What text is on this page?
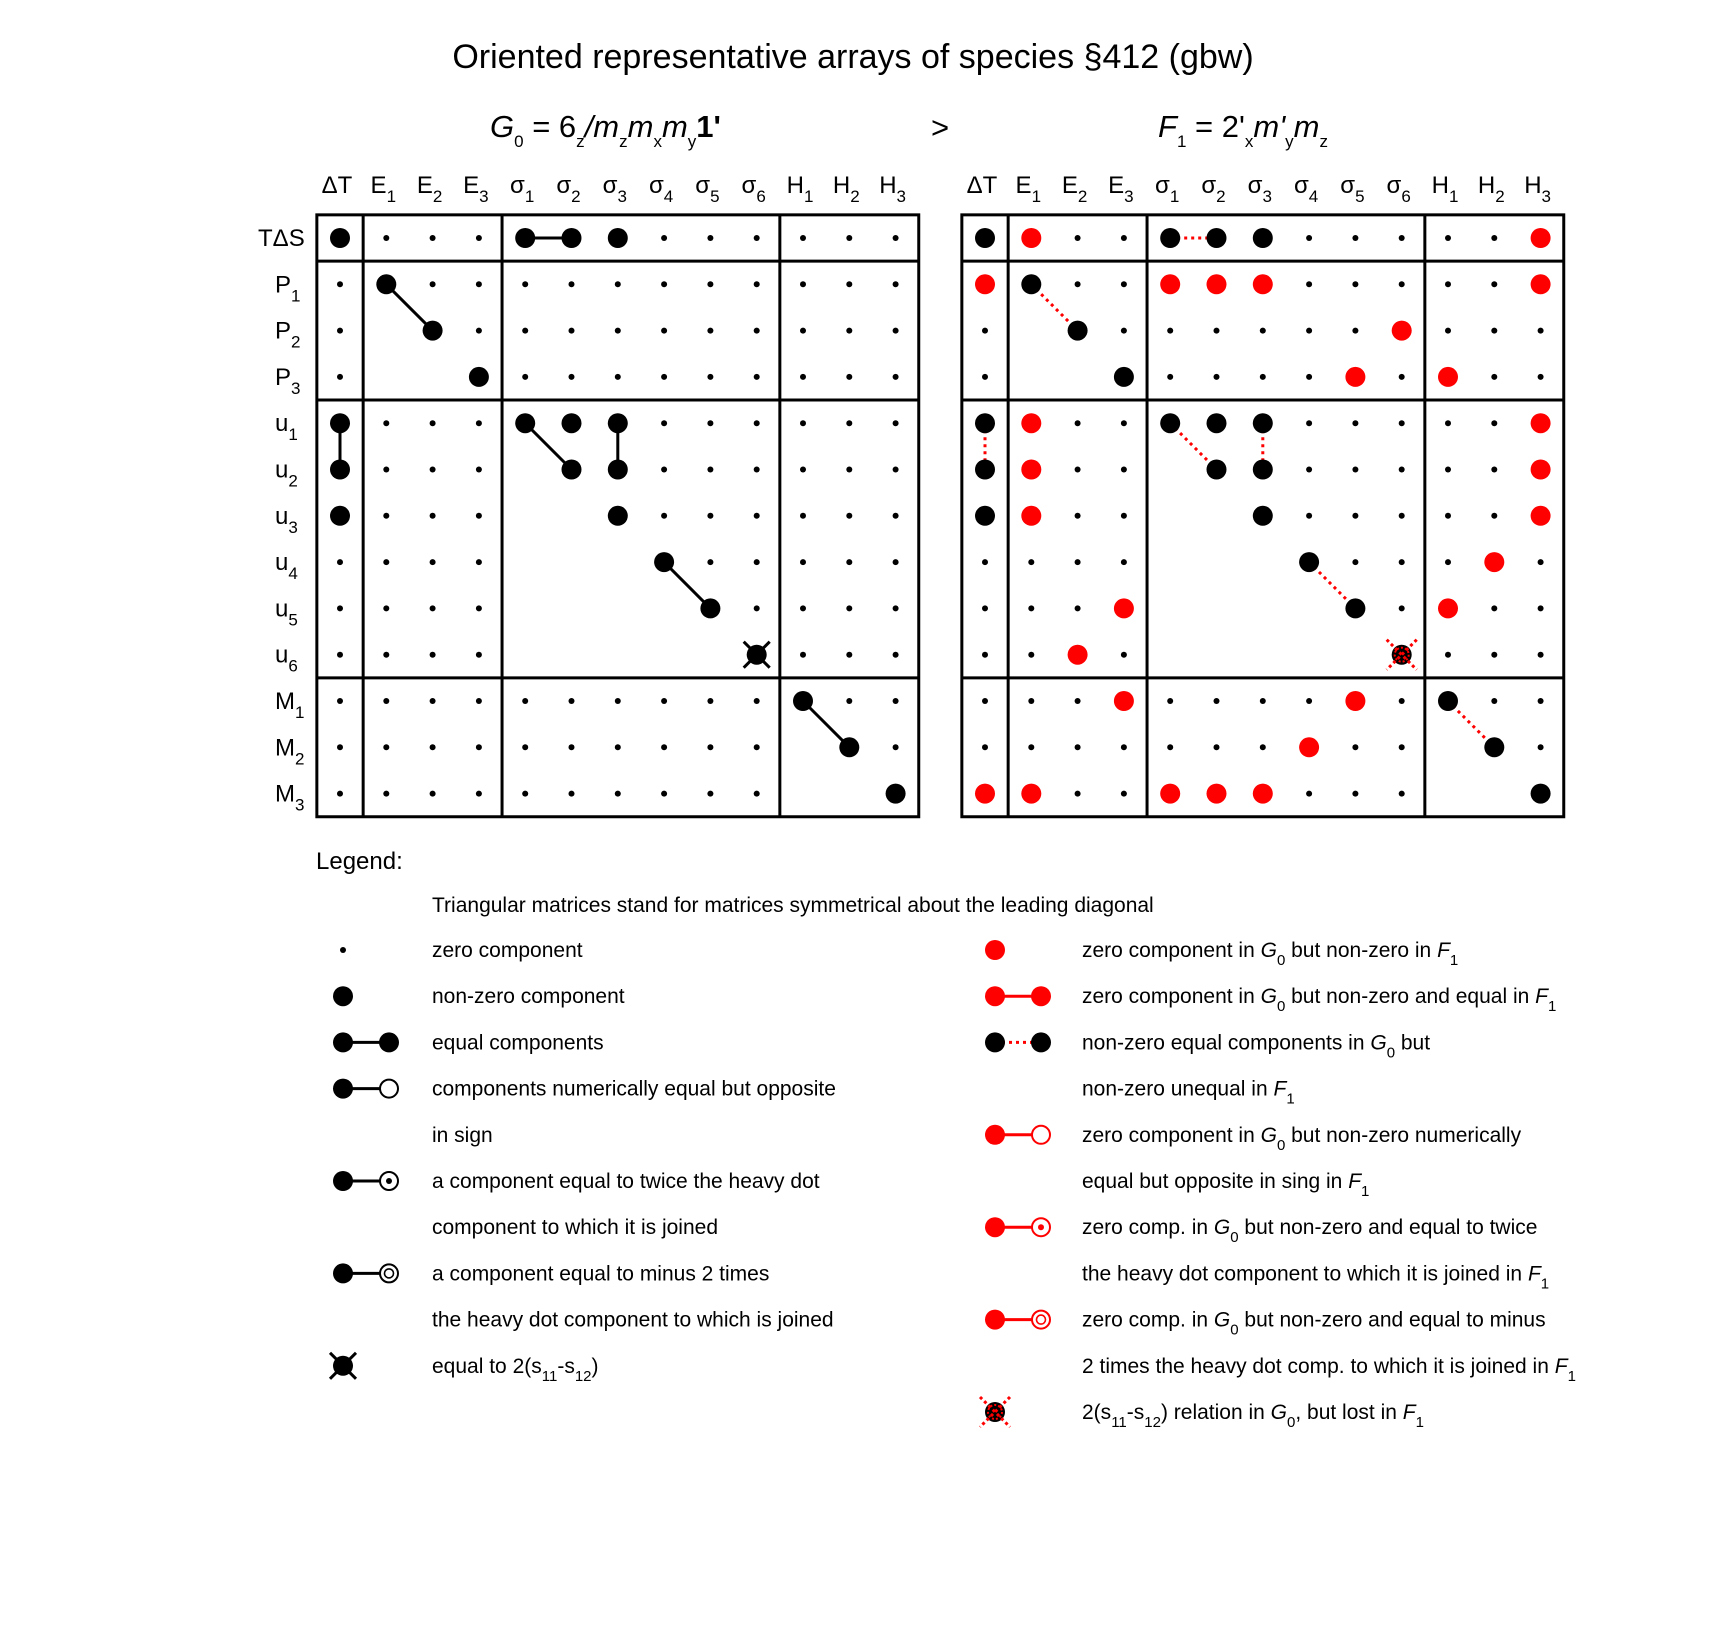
Oriented representative arrays of species §412 (gbw)
$G_0 = 6_z/m_zm_xm_y1'$	>	$F_1 = 2'_xm'_ym_z$
ΔT $E_1$ $E_2$ $E_3$ $\sigma_1$ $\sigma_2$ $\sigma_3$ $\sigma_4$ $\sigma_5$ $\sigma_6$ $H_1$ $H_2$ $H_3$
TΔS
$P_1$
$P_2$
$P_3$
$u_1$
$u_2$
$u_3$
$u_4$
$u_5$
$u_6$
$M_1$
$M_2$
$M_3$
ΔT $E_1$ $E_2$ $E_3$ $\sigma_1$ $\sigma_2$ $\sigma_3$ $\sigma_4$ $\sigma_5$ $\sigma_6$ $H_1$ $H_2$ $H_3$
Legend:
Triangular matrices stand for matrices symmetrical about the leading diagonal
zero component
non-zero component
equal components
components numerically equal but opposite
in sign
a component equal to twice the heavy dot
component to which it is joined
a component equal to minus 2 times
the heavy dot component to which is joined
equal to $2(s_{11}-s_{12})$
zero component in $G_0$ but non-zero in $F_1$
zero component in $G_0$ but non-zero and equal in $F_1$
non-zero equal components in $G_0$ but
non-zero unequal in $F_1$
zero component in $G_0$ but non-zero numerically
equal but opposite in sing in $F_1$
zero comp. in $G_0$ but non-zero and equal to twice
the heavy dot component to which it is joined in $F_1$
zero comp. in $G_0$ but non-zero and equal to minus
2 times the heavy dot comp. to which it is joined in $F_1$
$2(s_{11}-s_{12})$ relation in $G_0$, but lost in $F_1$
